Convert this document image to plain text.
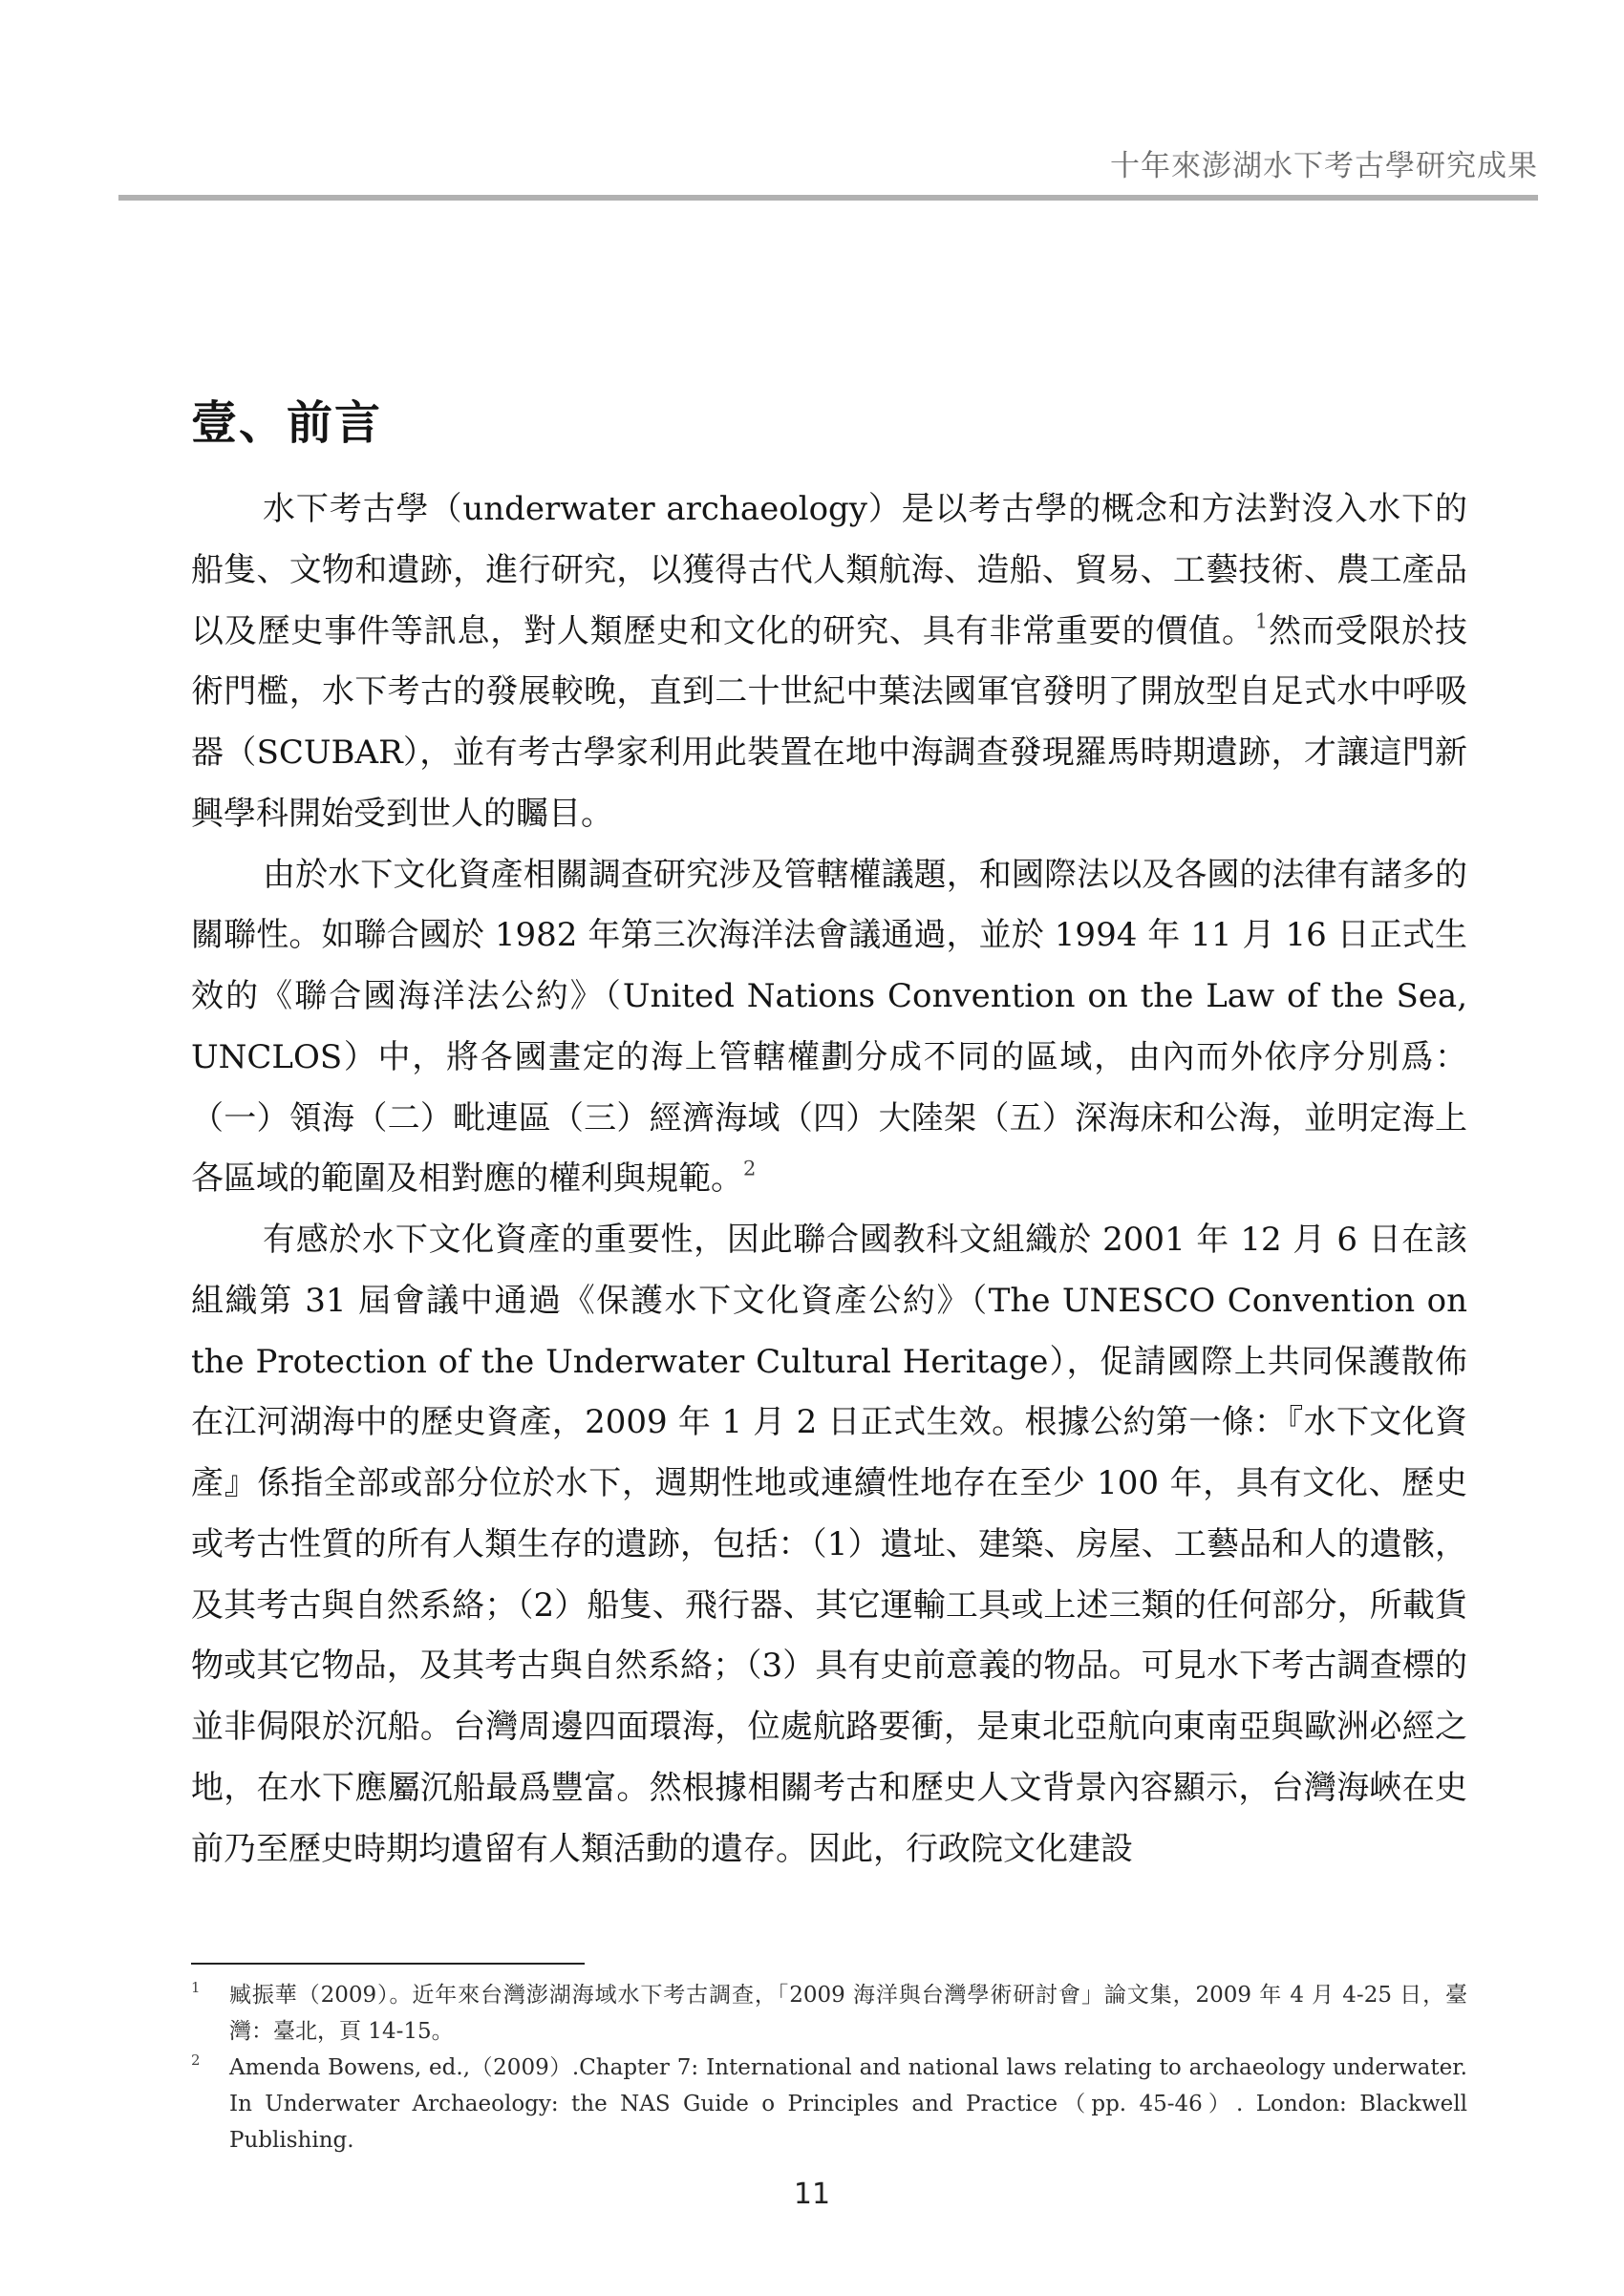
十年來澎湖水下考古學研究成果
壹、前言

水下考古學（underwater archaeology）是以考古學的概念和方法對沒入水下的船隻、文物和遺跡，進行研究，以獲得古代人類航海、造船、貿易、工藝技術、農工產品以及歷史事件等訊息，對人類歷史和文化的研究、具有非常重要的價值。$^1$然而受限於技術門檻，水下考古的發展較晚，直到二十世紀中葉法國軍官發明了開放型自足式水中呼吸器（SCUBAR），並有考古學家利用此裝置在地中海調查發現羅馬時期遺跡，才讓這門新興學科開始受到世人的矚目。

由於水下文化資產相關調查研究涉及管轄權議題，和國際法以及各國的法律有諸多的關聯性。如聯合國於 1982 年第三次海洋法會議通過，並於 1994 年 11 月 16 日正式生效的《聯合國海洋法公約》（United Nations Convention on the Law of the Sea, UNCLOS）中，將各國畫定的海上管轄權劃分成不同的區域，由內而外依序分別爲：（一）領海（二）毗連區（三）經濟海域（四）大陸架（五）深海床和公海，並明定海上各區域的範圍及相對應的權利與規範。$^2$

有感於水下文化資產的重要性，因此聯合國教科文組織於 2001 年 12 月 6 日在該組織第 31 屆會議中通過《保護水下文化資產公約》（The UNESCO Convention on the Protection of the Underwater Cultural Heritage），促請國際上共同保護散佈在江河湖海中的歷史資產，2009 年 1 月 2 日正式生效。根據公約第一條：『水下文化資產』係指全部或部分位於水下，週期性地或連續性地存在至少 100 年，具有文化、歷史或考古性質的所有人類生存的遺跡，包括：（1）遺址、建築、房屋、工藝品和人的遺骸，及其考古與自然系絡；（2）船隻、飛行器、其它運輸工具或上述三類的任何部分，所載貨物或其它物品，及其考古與自然系絡；（3）具有史前意義的物品。可見水下考古調查標的並非侷限於沉船。台灣周邊四面環海，位處航路要衝，是東北亞航向東南亞與歐洲必經之地，在水下應屬沉船最爲豐富。然根據相關考古和歷史人文背景內容顯示，台灣海峽在史前乃至歷史時期均遺留有人類活動的遺存。因此，行政院文化建設

1 臧振華（2009）。近年來台灣澎湖海域水下考古調查，「2009 海洋與台灣學術研討會」論文集，2009 年 4 月 4-25 日，臺灣：臺北，頁 14-15。
2 Amenda Bowens, ed.,（2009）.Chapter 7: International and national laws relating to archaeology underwater. In Underwater Archaeology: the NAS Guide o Principles and Practice（pp. 45-46）. London: Blackwell Publishing.
11
